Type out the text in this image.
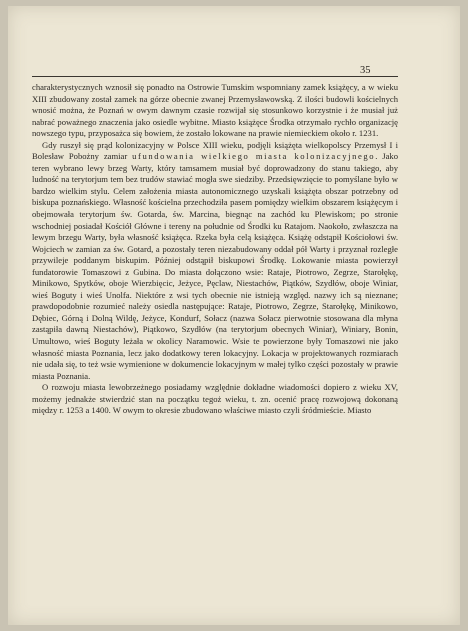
35

charakterystycznych wznosił się ponadto na Ostrowie Tumskim wspomniany zamek książęcy, a w wieku XIII zbudowany został zamek na górze obecnie zwanej Przemysławowską. Z ilości budowli kościelnych wnosić można, że Poznań w owym dawnym czasie rozwijał się stosunkowo korzystnie i że musiał już nabrać poważnego znaczenia jako osiedle wybitne. Miasto książęce Środka otrzymało rychło organizację nowszego typu, przyposażca się bowiem, że zostało lokowane na prawie niemieckiem około r. 1231.

Gdy ruszył się prąd kolonizacyjny w Polsce XIII wieku, podjęli książęta wielkopolscy Przemysł I i Bolesław Pobożny zamiar ufundowania wielkiego miasta kolonizacyjnego. Jako teren wybrano lewy brzeg Warty, który tamsamem musiał być doprowadzony do stanu takiego, aby ludność na terytorjum tem bez trudów stawiać mogła swe siedziby. Przedsięwzięcie to pomyślane było w bardzo wielkim stylu. Celem założenia miasta autonomicznego uzyskali książęta obszar potrzebny od biskupa poznańskiego. Własność kościelna przechodziła pasem pomiędzy wielkim obszarem książęcym i obejmowała terytorjum św. Gotarda, św. Marcina, biegnąc na zachód ku Plewiskom; po stronie wschodniej posiadał Kościół Główne i tereny na południe od Środki ku Ratajom. Naokoło, zwłaszcza na lewym brzegu Warty, była własność książęca. Rzeka była celą książęca. Książę odstąpił Kościołowi św. Wojciech w zamian za św. Gotard, a pozostały teren niezabudowany oddał pół Warty i przyznał rozległe przywileje poddanym biskupim. Później odstąpił biskupowi Środkę. Lokowanie miasta powierzył fundatorowie Tomaszowi z Gubina. Do miasta dołączono wsie: Rataje, Piotrowo, Zegrze, Starołękę, Minikowo, Spytków, oboje Wierzbięcic, Jeżyce, Pęclaw, Niestachów, Piątków, Szydłów, oboje Winiar, wieś Boguty i wieś Unolfa. Niektóre z wsi tych obecnie nie istnieją względ. nazwy ich są nieznane; prawdopodobnie rozumieć należy osiedla następujące: Rataje, Piotrowo, Zegrze, Starołękę, Minikowo, Dębiec, Górną i Dolną Wildę, Jeżyce, Kondurf, Sołacz (nazwa Sołacz pierwotnie stosowana dla młyna zastąpiła dawną Niestachów), Piątkowo, Szydłów (na terytorjum obecnych Winiar), Winiary, Bonin, Umultowo, wieś Boguty leżała w okolicy Naramowic. Wsie te powierzone były Tomaszowi nie jako własność miasta Poznania, lecz jako dodatkowy teren lokacyjny. Lokacja w projektowanych rozmiarach nie udała się, to też wsie wymienione w dokumencie lokacyjnym w małej tylko części pozostały w prawie miasta Poznania.

O rozwoju miasta lewobrzeżnego posiadamy względnie dokładne wiadomości dopiero z wieku XV, możemy jednakże stwierdzić stan na początku tegoż wieku, t. zn. ocenić pracę rozwojową dokonaną między r. 1253 a 1400. W owym to okresie zbudowano właściwe miasto czyli śródmieście. Miasto
